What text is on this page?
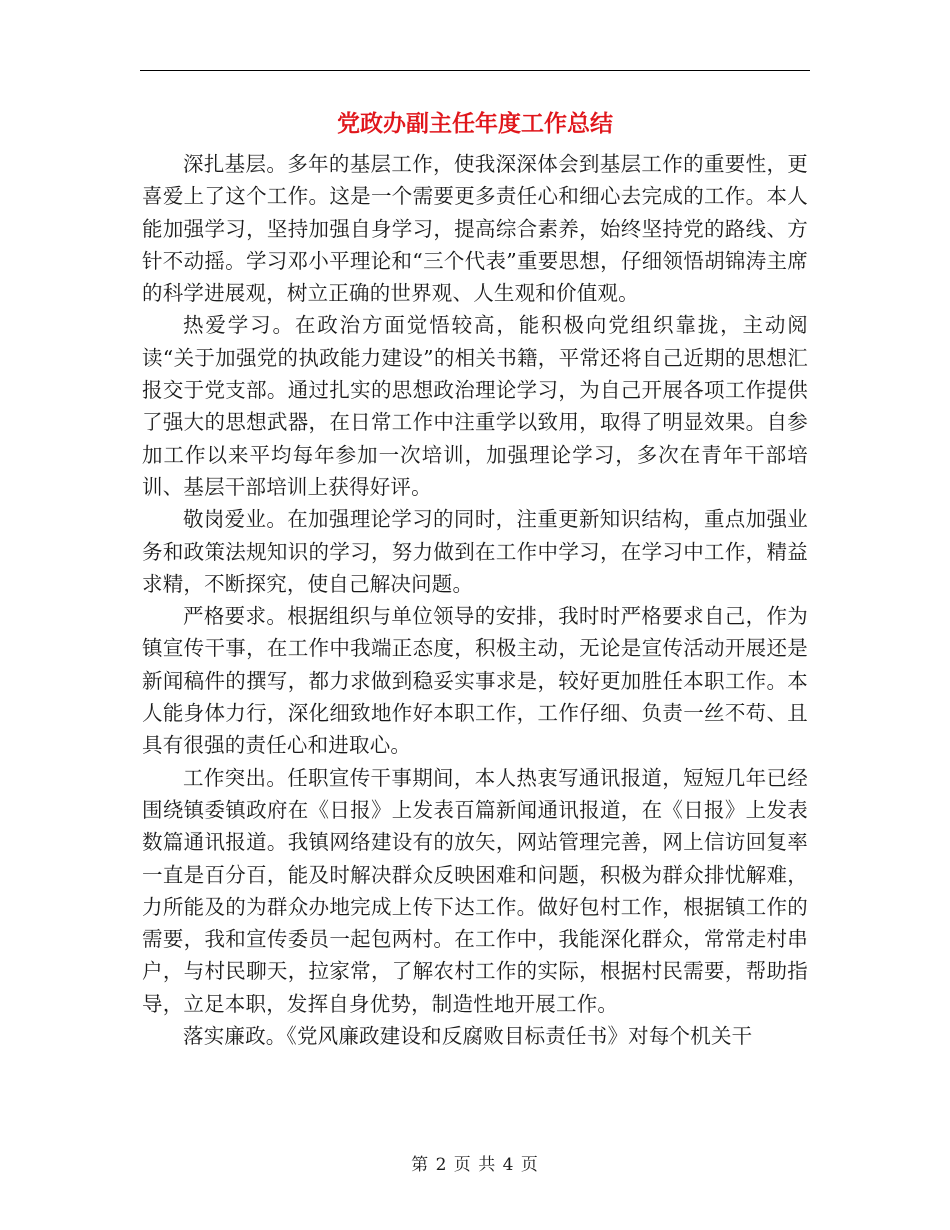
党政办副主任年度工作总结

深扎基层。多年的基层工作，使我深深体会到基层工作的重要性，更喜爱上了这个工作。这是一个需要更多责任心和细心去完成的工作。本人能加强学习，坚持加强自身学习，提高综合素养，始终坚持党的路线、方针不动摇。学习邓小平理论和“三个代表”重要思想，仔细领悟胡锦涛主席的科学进展观，树立正确的世界观、人生观和价值观。

热爱学习。在政治方面觉悟较高，能积极向党组织靠拢，主动阅读“关于加强党的执政能力建设”的相关书籍，平常还将自己近期的思想汇报交于党支部。通过扎实的思想政治理论学习，为自己开展各项工作提供了强大的思想武器，在日常工作中注重学以致用，取得了明显效果。自参加工作以来平均每年参加一次培训，加强理论学习，多次在青年干部培训、基层干部培训上获得好评。

敬岗爱业。在加强理论学习的同时，注重更新知识结构，重点加强业务和政策法规知识的学习，努力做到在工作中学习，在学习中工作，精益求精，不断探究，使自己解决问题。

严格要求。根据组织与单位领导的安排，我时时严格要求自己，作为镇宣传干事，在工作中我端正态度，积极主动，无论是宣传活动开展还是新闻稿件的撰写，都力求做到稳妥实事求是，较好更加胜任本职工作。本人能身体力行，深化细致地作好本职工作，工作仔细、负责一丝不苟、且具有很强的责任心和进取心。

工作突出。任职宣传干事期间，本人热衷写通讯报道，短短几年已经围绕镇委镇政府在《日报》上发表百篇新闻通讯报道，在《日报》上发表数篇通讯报道。我镇网络建设有的放矢，网站管理完善，网上信访回复率一直是百分百，能及时解决群众反映困难和问题，积极为群众排忧解难，力所能及的为群众办地完成上传下达工作。做好包村工作，根据镇工作的需要，我和宣传委员一起包两村。在工作中，我能深化群众，常常走村串户，与村民聊天，拉家常，了解农村工作的实际，根据村民需要，帮助指导，立足本职，发挥自身优势，制造性地开展工作。

落实廉政。《党风廉政建设和反腐败目标责任书》对每个机关干

第 2 页 共 4 页
